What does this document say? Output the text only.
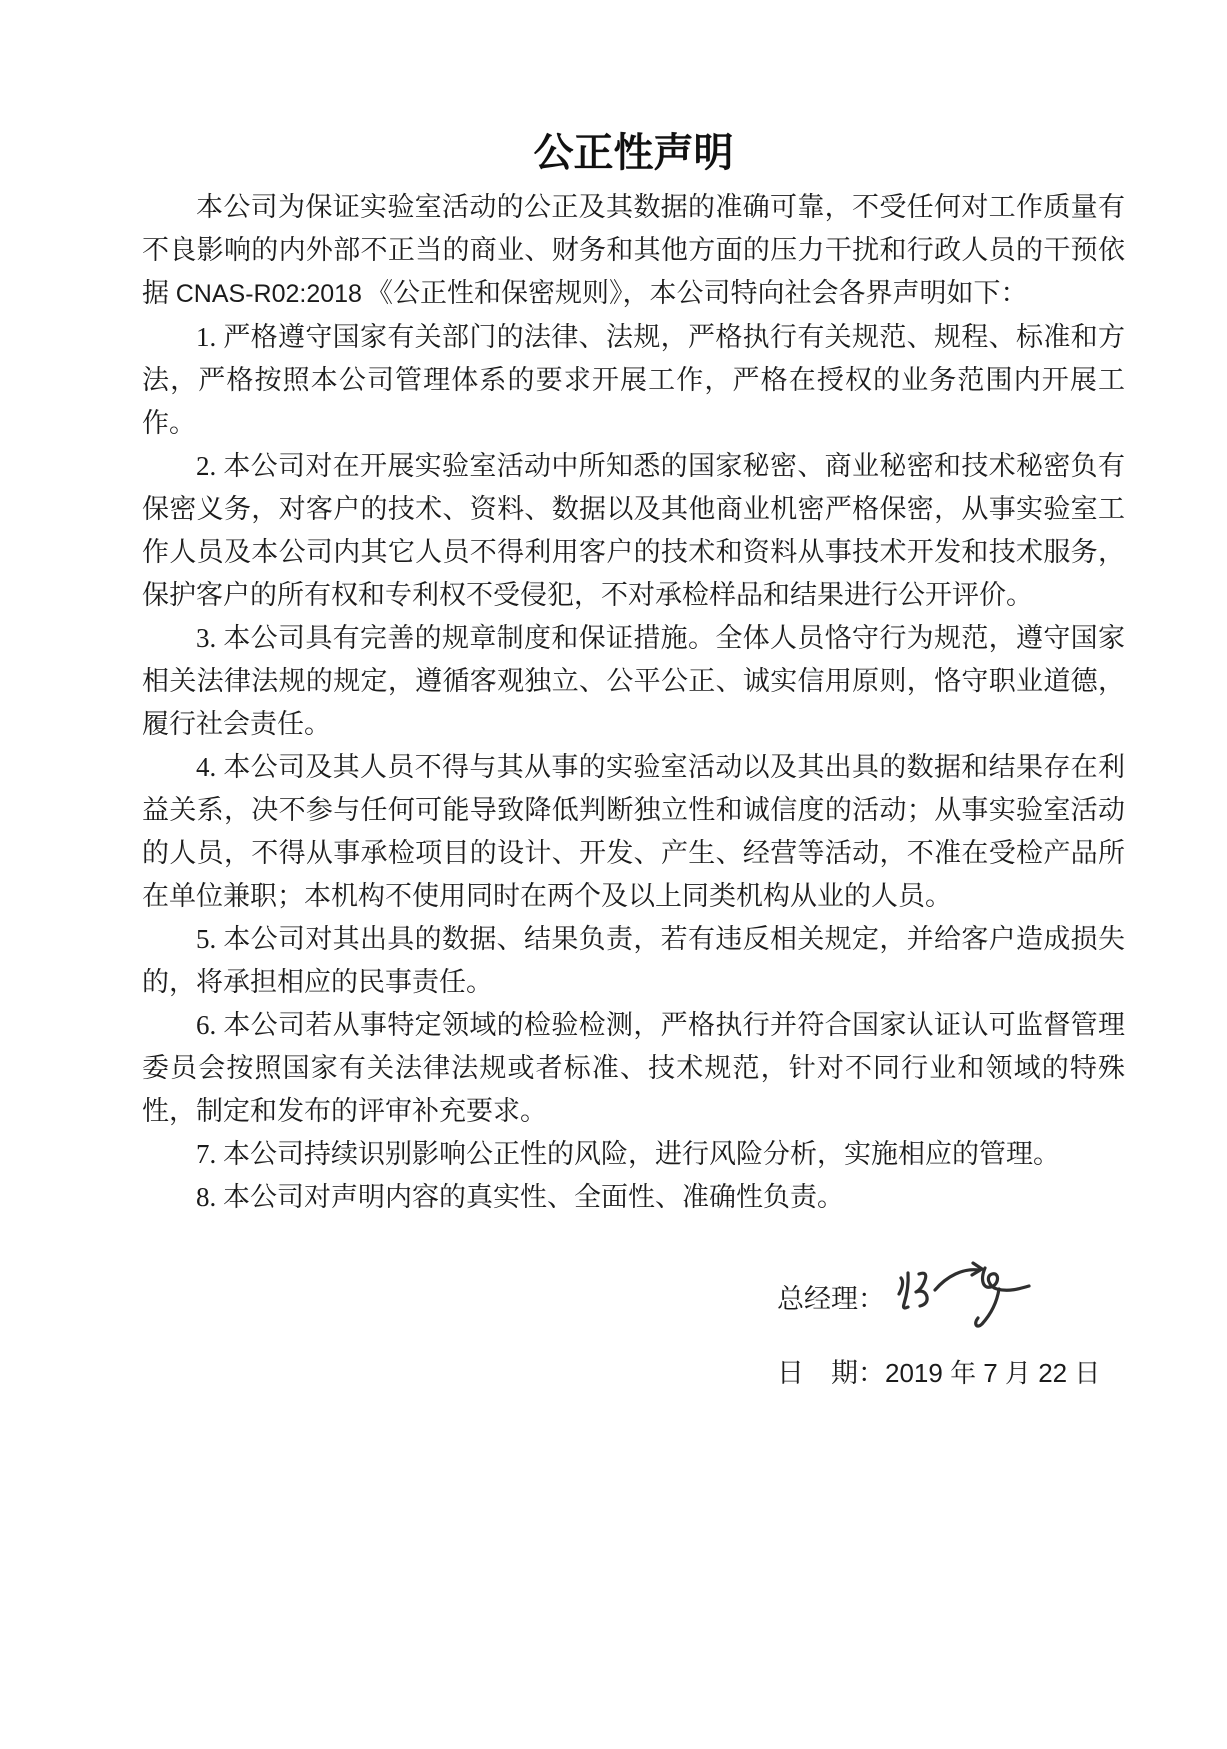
公正性声明

本公司为保证实验室活动的公正及其数据的准确可靠，不受任何对工作质量有不良影响的内外部不正当的商业、财务和其他方面的压力干扰和行政人员的干预依据 CNAS-R02:2018 《公正性和保密规则》，本公司特向社会各界声明如下：

1. 严格遵守国家有关部门的法律、法规，严格执行有关规范、规程、标准和方法，严格按照本公司管理体系的要求开展工作，严格在授权的业务范围内开展工作。

2. 本公司对在开展实验室活动中所知悉的国家秘密、商业秘密和技术秘密负有保密义务，对客户的技术、资料、数据以及其他商业机密严格保密，从事实验室工作人员及本公司内其它人员不得利用客户的技术和资料从事技术开发和技术服务，保护客户的所有权和专利权不受侵犯，不对承检样品和结果进行公开评价。

3. 本公司具有完善的规章制度和保证措施。全体人员恪守行为规范，遵守国家相关法律法规的规定，遵循客观独立、公平公正、诚实信用原则，恪守职业道德，履行社会责任。

4. 本公司及其人员不得与其从事的实验室活动以及其出具的数据和结果存在利益关系，决不参与任何可能导致降低判断独立性和诚信度的活动；从事实验室活动的人员，不得从事承检项目的设计、开发、产生、经营等活动，不准在受检产品所在单位兼职；本机构不使用同时在两个及以上同类机构从业的人员。

5. 本公司对其出具的数据、结果负责，若有违反相关规定，并给客户造成损失的，将承担相应的民事责任。

6. 本公司若从事特定领域的检验检测，严格执行并符合国家认证认可监督管理委员会按照国家有关法律法规或者标准、技术规范，针对不同行业和领域的特殊性，制定和发布的评审补充要求。

7. 本公司持续识别影响公正性的风险，进行风险分析，实施相应的管理。

8. 本公司对声明内容的真实性、全面性、准确性负责。

总经理：
日　期：2019 年 7 月 22 日
